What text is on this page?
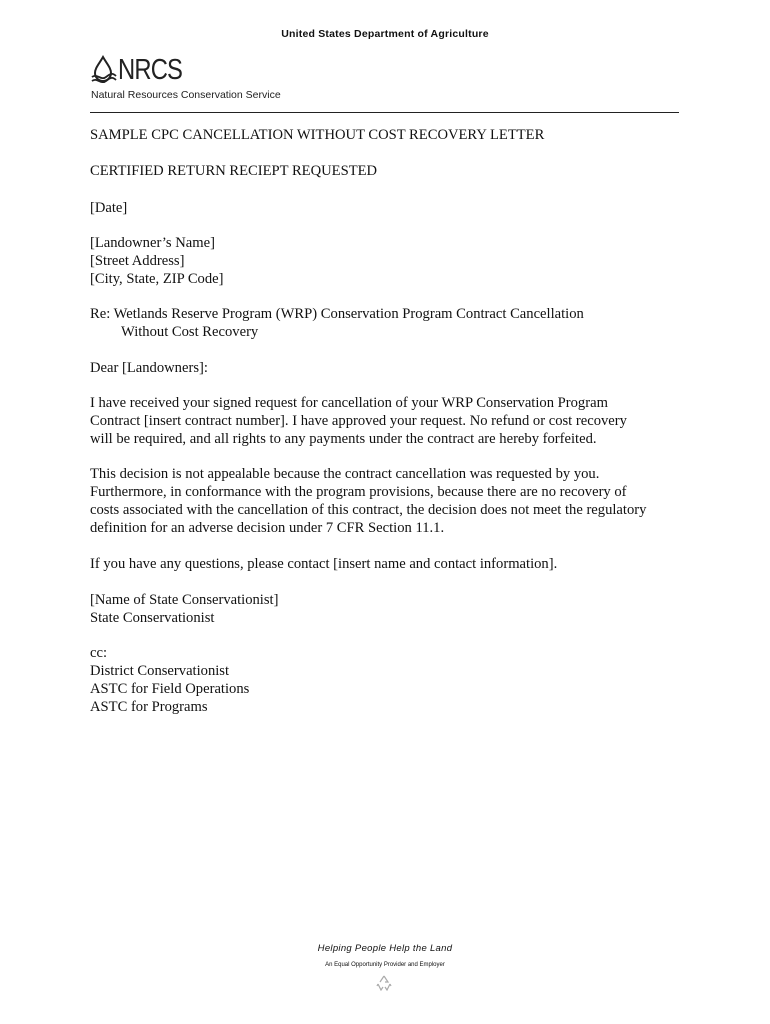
United States Department of Agriculture
NRCS
Natural Resources Conservation Service
SAMPLE CPC CANCELLATION WITHOUT COST RECOVERY LETTER
CERTIFIED RETURN RECIEPT REQUESTED
[Date]
[Landowner’s Name]
[Street Address]
[City, State, ZIP Code]
Re: Wetlands Reserve Program (WRP) Conservation Program Contract Cancellation
Without Cost Recovery
Dear [Landowners]:
I have received your signed request for cancellation of your WRP Conservation Program
Contract [insert contract number]. I have approved your request. No refund or cost recovery
will be required, and all rights to any payments under the contract are hereby forfeited.
This decision is not appealable because the contract cancellation was requested by you.
Furthermore, in conformance with the program provisions, because there are no recovery of
costs associated with the cancellation of this contract, the decision does not meet the regulatory
definition for an adverse decision under 7 CFR Section 11.1.
If you have any questions, please contact [insert name and contact information].
[Name of State Conservationist]
State Conservationist
cc:
District Conservationist
ASTC for Field Operations
ASTC for Programs
Helping People Help the Land
An Equal Opportunity Provider and Employer
